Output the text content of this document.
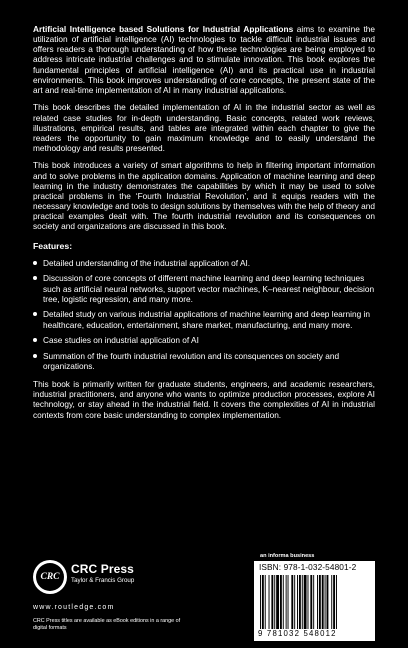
Artificial Intelligence based Solutions for Industrial Applications aims to examine the utilization of artificial intelligence (AI) technologies to tackle difficult industrial issues and offers readers a thorough understanding of how these technologies are being employed to address intricate industrial challenges and to stimulate innovation. This book explores the fundamental principles of artificial intelligence (AI) and its practical use in industrial environments. This book improves understanding of core concepts, the present state of the art and real-time implementation of AI in many industrial applications.

This book describes the detailed implementation of AI in the industrial sector as well as related case studies for in-depth understanding. Basic concepts, related work reviews, illustrations, empirical results, and tables are integrated within each chapter to give the readers the opportunity to gain maximum knowledge and to easily understand the methodology and results presented.

This book introduces a variety of smart algorithms to help in filtering important information and to solve problems in the application domains. Application of machine learning and deep learning in the industry demonstrates the capabilities by which it may be used to solve practical problems in the ‘Fourth Industrial Revolution’, and it equips readers with the necessary knowledge and tools to design solutions by themselves with the help of theory and practical examples dealt with. The fourth industrial revolution and its consequences on society and organizations are discussed in this book.

Features:
Detailed understanding of the industrial application of AI.
Discussion of core concepts of different machine learning and deep learning techniques such as artificial neural networks, support vector machines, K–nearest neighbour, decision tree, logistic regression, and many more.
Detailed study on various industrial applications of machine learning and deep learning in healthcare, education, entertainment, share market, manufacturing, and many more.
Case studies on industrial application of AI
Summation of the fourth industrial revolution and its consquences on society and organizations.

This book is primarily written for graduate students, engineers, and academic researchers, industrial practitioners, and anyone who wants to optimize production processes, explore AI technology, or stay ahead in the industrial field. It covers the complexities of AI in industrial contexts from core basic understanding to complex implementation.

CRC
CRC Press
Taylor & Francis Group
www.routledge.com
CRC Press titles are available as eBook editions in a range of digital formats
an informa business
ISBN: 978-1-032-54801-2
9 781032 548012
